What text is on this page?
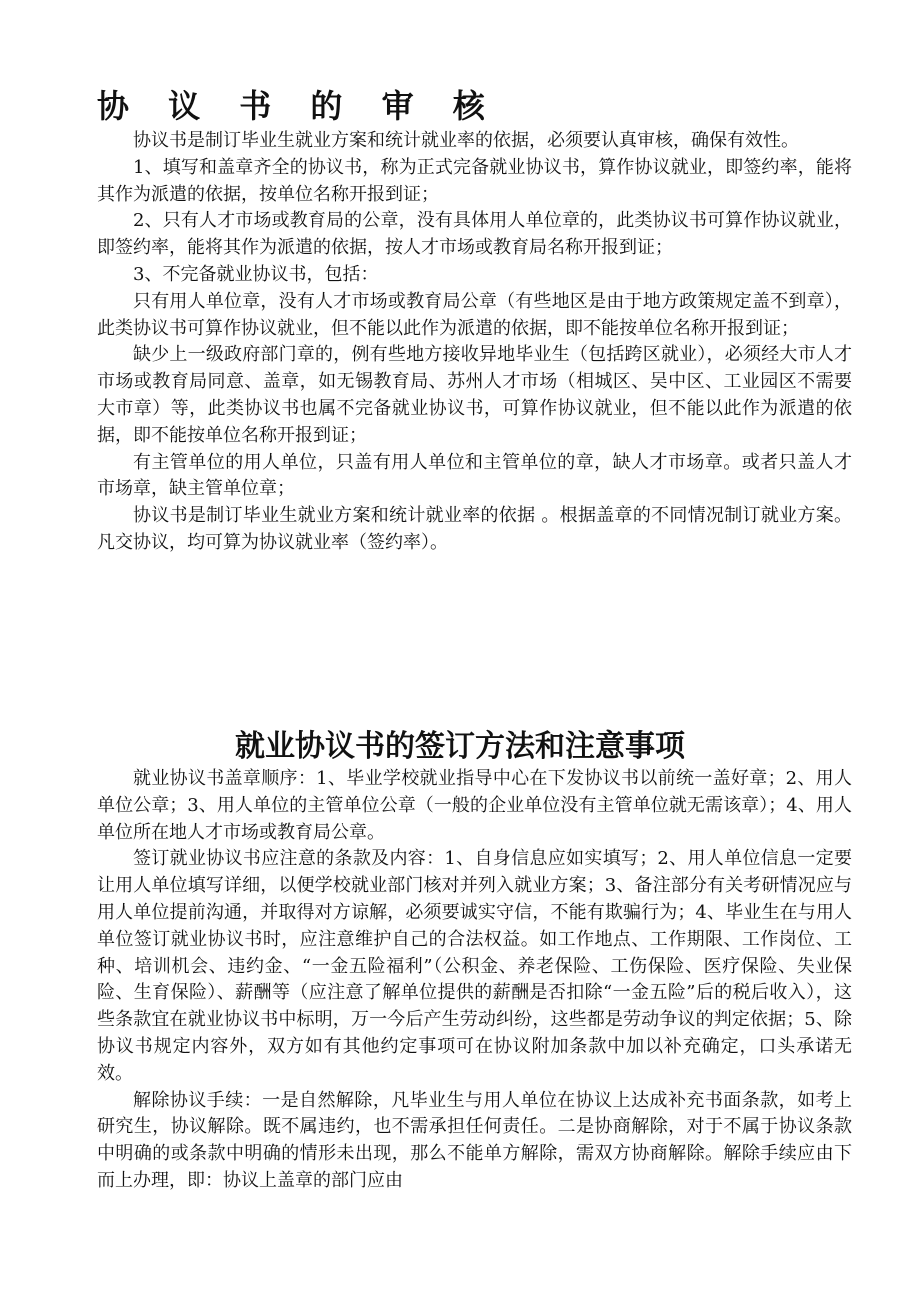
协 议 书 的 审 核

协议书是制订毕业生就业方案和统计就业率的依据，必须要认真审核，确保有效性。

1、填写和盖章齐全的协议书，称为正式完备就业协议书，算作协议就业，即签约率，能将其作为派遣的依据，按单位名称开报到证；

2、只有人才市场或教育局的公章，没有具体用人单位章的，此类协议书可算作协议就业，即签约率，能将其作为派遣的依据，按人才市场或教育局名称开报到证；

3、不完备就业协议书，包括：

只有用人单位章，没有人才市场或教育局公章（有些地区是由于地方政策规定盖不到章），此类协议书可算作协议就业，但不能以此作为派遣的依据，即不能按单位名称开报到证；

缺少上一级政府部门章的，例有些地方接收异地毕业生（包括跨区就业），必须经大市人才市场或教育局同意、盖章，如无锡教育局、苏州人才市场（相城区、吴中区、工业园区不需要大市章）等，此类协议书也属不完备就业协议书，可算作协议就业，但不能以此作为派遣的依据，即不能按单位名称开报到证；

有主管单位的用人单位，只盖有用人单位和主管单位的章，缺人才市场章。或者只盖人才市场章，缺主管单位章；

协议书是制订毕业生就业方案和统计就业率的依据 。根据盖章的不同情况制订就业方案。凡交协议，均可算为协议就业率（签约率）。

就业协议书的签订方法和注意事项

就业协议书盖章顺序：1、毕业学校就业指导中心在下发协议书以前统一盖好章；2、用人单位公章；3、用人单位的主管单位公章（一般的企业单位没有主管单位就无需该章）；4、用人单位所在地人才市场或教育局公章。

签订就业协议书应注意的条款及内容：1、自身信息应如实填写；2、用人单位信息一定要让用人单位填写详细，以便学校就业部门核对并列入就业方案；3、备注部分有关考研情况应与用人单位提前沟通，并取得对方谅解，必须要诚实守信，不能有欺骗行为；4、毕业生在与用人单位签订就业协议书时，应注意维护自己的合法权益。如工作地点、工作期限、工作岗位、工种、培训机会、违约金、“一金五险福利”（公积金、养老保险、工伤保险、医疗保险、失业保险、生育保险）、薪酬等（应注意了解单位提供的薪酬是否扣除“一金五险”后的税后收入），这些条款宜在就业协议书中标明，万一今后产生劳动纠纷，这些都是劳动争议的判定依据；5、除协议书规定内容外，双方如有其他约定事项可在协议附加条款中加以补充确定，口头承诺无效。

解除协议手续：一是自然解除，凡毕业生与用人单位在协议上达成补充书面条款，如考上研究生，协议解除。既不属违约，也不需承担任何责任。二是协商解除，对于不属于协议条款中明确的或条款中明确的情形未出现，那么不能单方解除，需双方协商解除。解除手续应由下而上办理，即：协议上盖章的部门应由
